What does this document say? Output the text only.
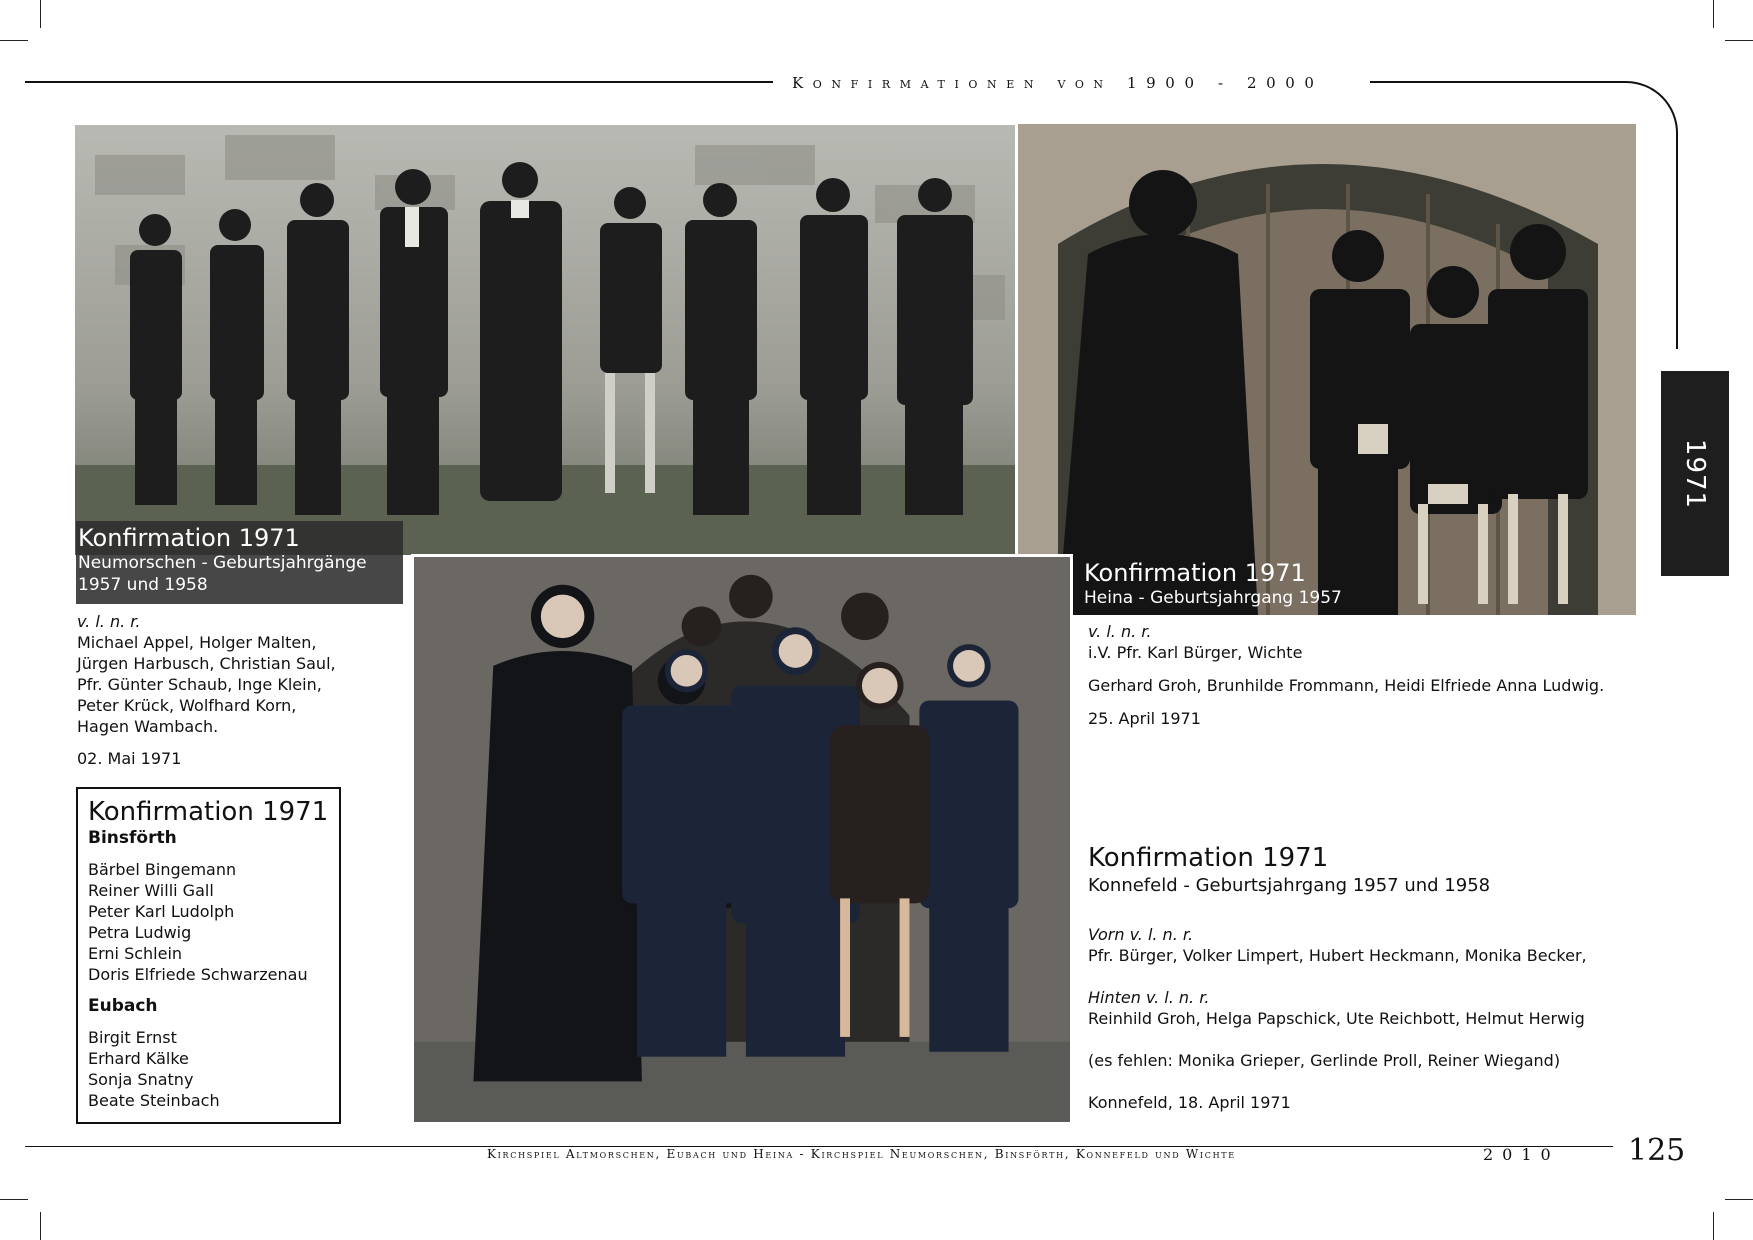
Konfirmationen von 1900 - 2000
1971
Konfirmation 1971
Neumorschen - Geburtsjahrgänge
1957 und 1958	Konfirmation 1971
Heina - Geburtsjahrgang 1957
v. l. n. r.
Michael Appel, Holger Malten,
Jürgen Harbusch, Christian Saul,
Pfr. Günter Schaub, Inge Klein,
Peter Krück, Wolfhard Korn,
Hagen Wambach.
02. Mai 1971
Konfirmation 1971
Binsförth
Bärbel Bingemann
Reiner Willi Gall
Peter Karl Ludolph
Petra Ludwig
Erni Schlein
Doris Elfriede Schwarzenau
Eubach
Birgit Ernst
Erhard Kälke
Sonja Snatny
Beate Steinbach
v. l. n. r.
i.V. Pfr. Karl Bürger, Wichte
Gerhard Groh, Brunhilde Frommann, Heidi Elfriede Anna Ludwig.
25. April 1971
Konfirmation 1971
Konnefeld - Geburtsjahrgang 1957 und 1958
Vorn v. l. n. r.
Pfr. Bürger, Volker Limpert, Hubert Heckmann, Monika Becker,
Hinten v. l. n. r.
Reinhild Groh, Helga Papschick, Ute Reichbott, Helmut Herwig
(es fehlen: Monika Grieper, Gerlinde Proll, Reiner Wiegand)
Konnefeld, 18. April 1971
Kirchspiel Altmorschen, Eubach und Heina - Kirchspiel Neumorschen, Binsförth, Konnefeld und Wichte	2010 125
